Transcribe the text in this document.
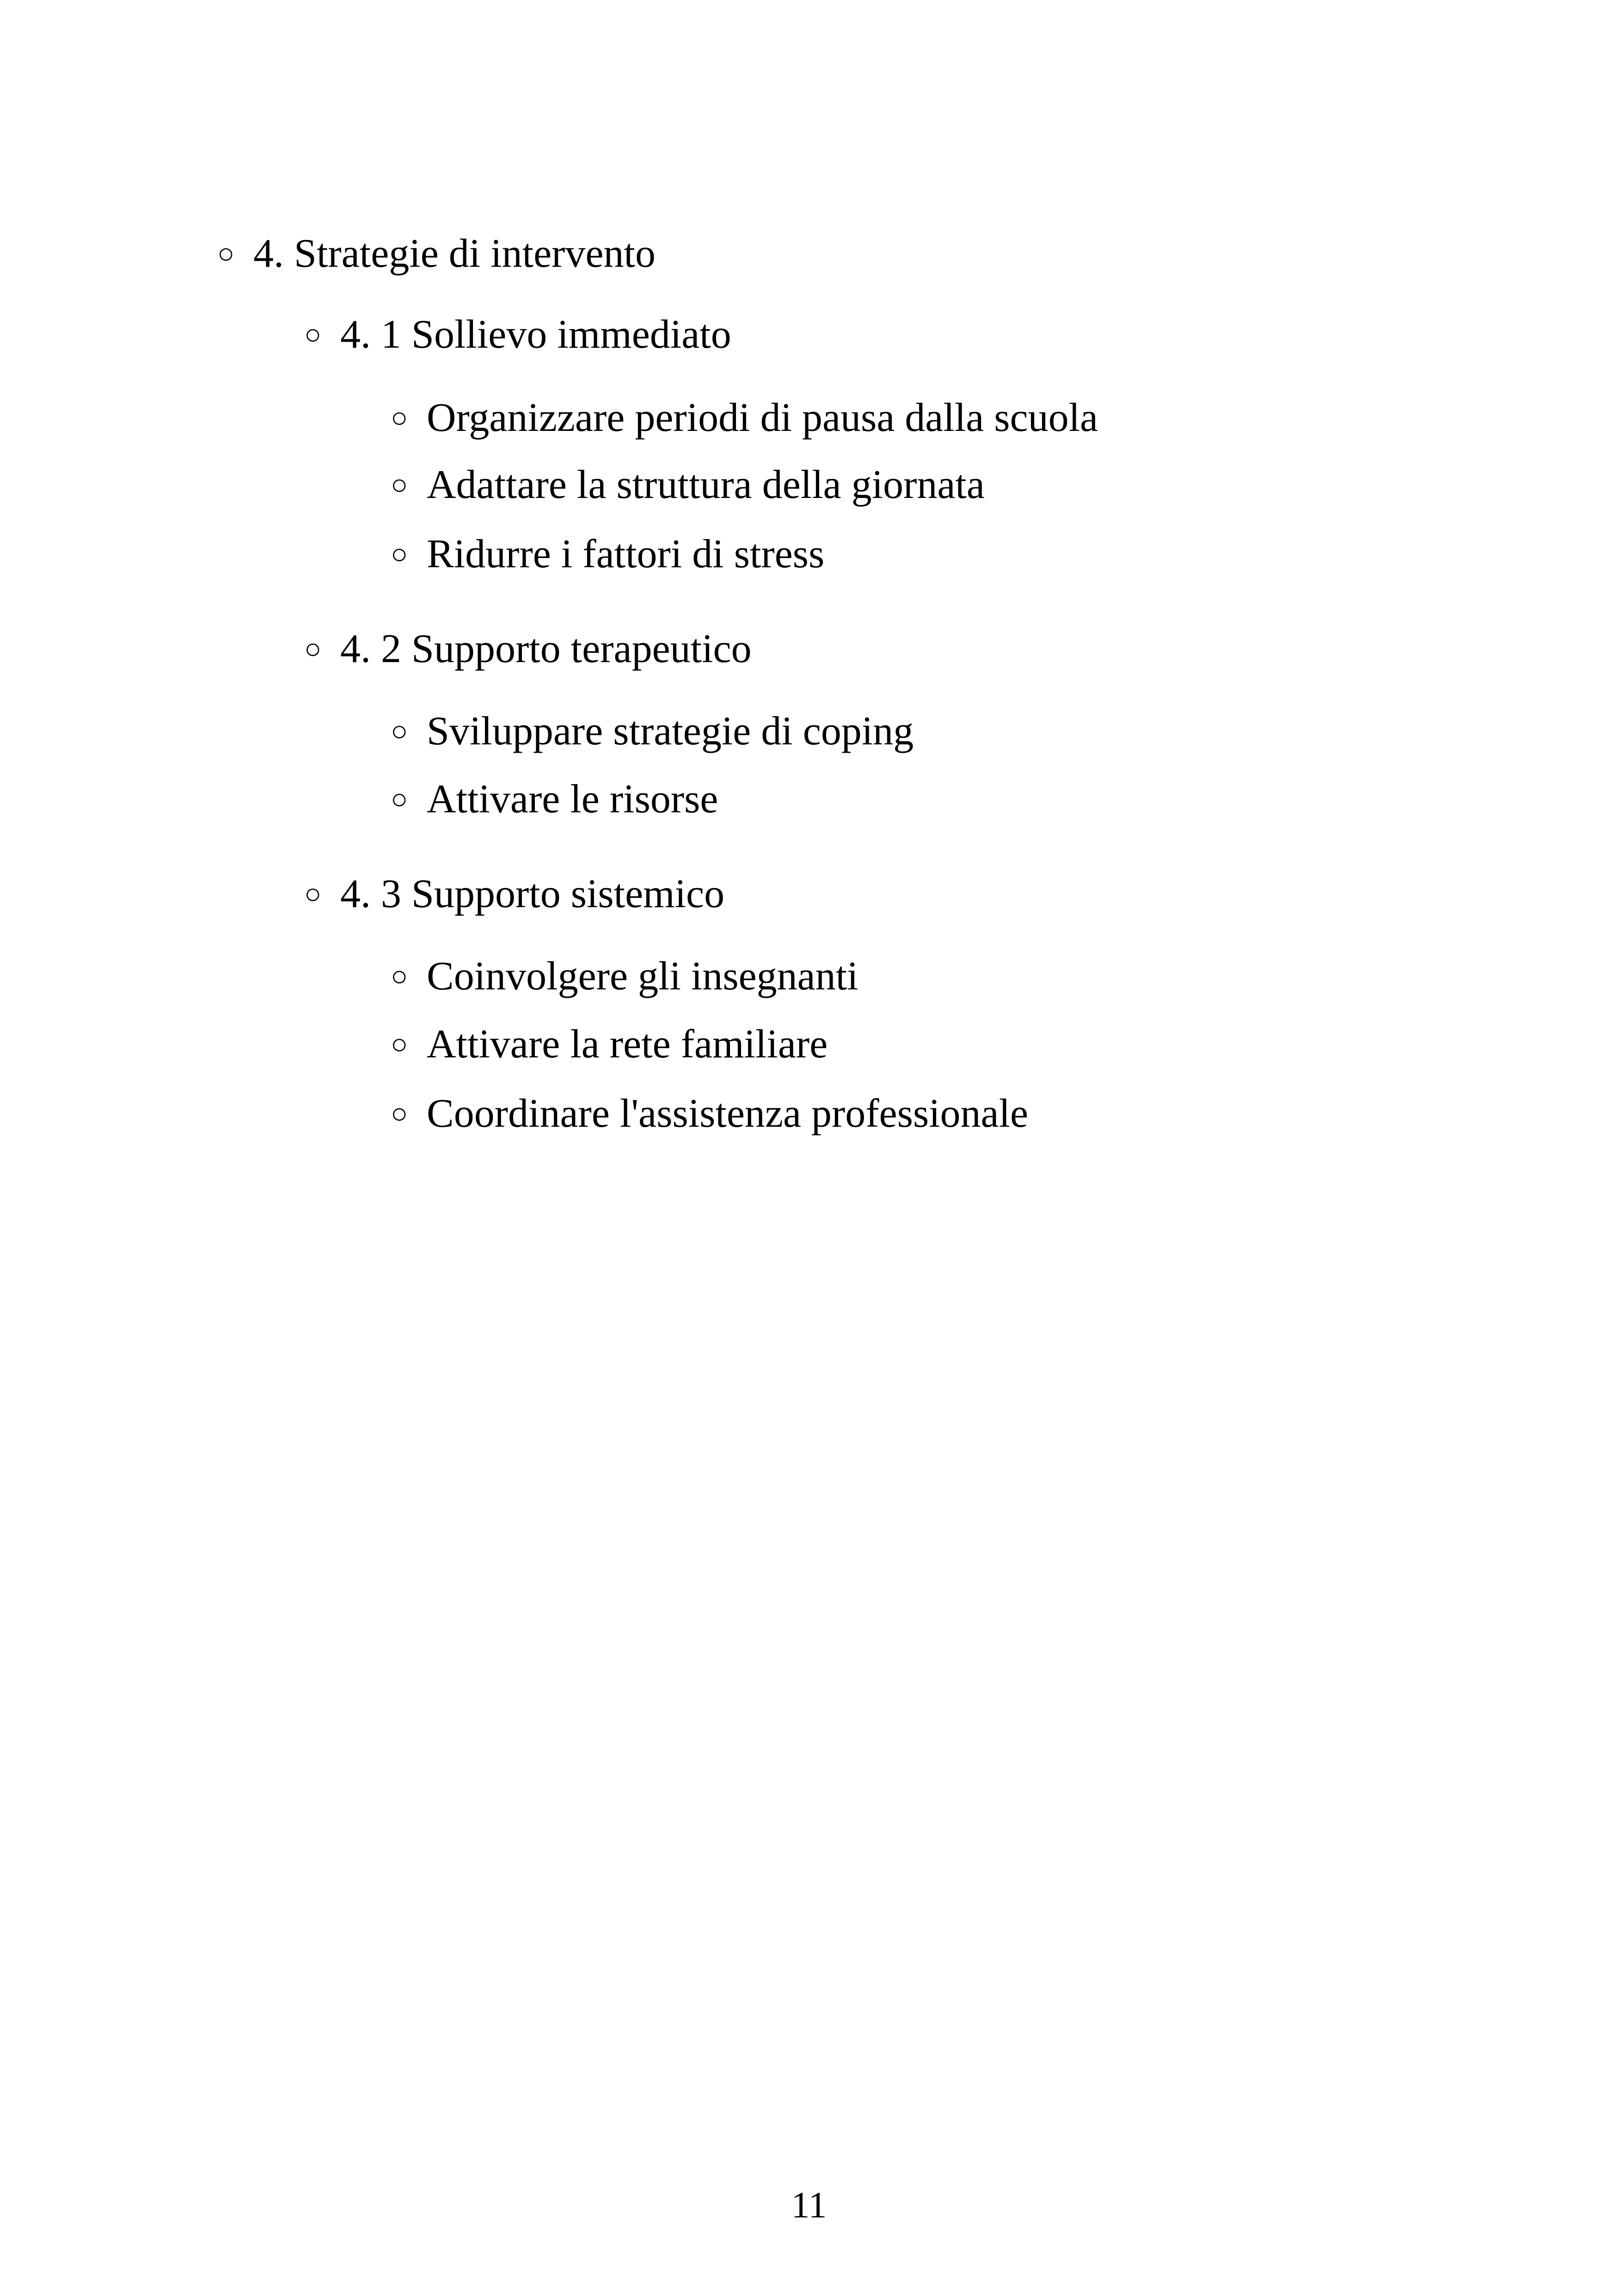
○ 4. Strategie di intervento
○ 4. 1 Sollievo immediato
○ Organizzare periodi di pausa dalla scuola
○ Adattare la struttura della giornata
○ Ridurre i fattori di stress
○ 4. 2 Supporto terapeutico
○ Sviluppare strategie di coping
○ Attivare le risorse
○ 4. 3 Supporto sistemico
○ Coinvolgere gli insegnanti
○ Attivare la rete familiare
○ Coordinare l'assistenza professionale
11
